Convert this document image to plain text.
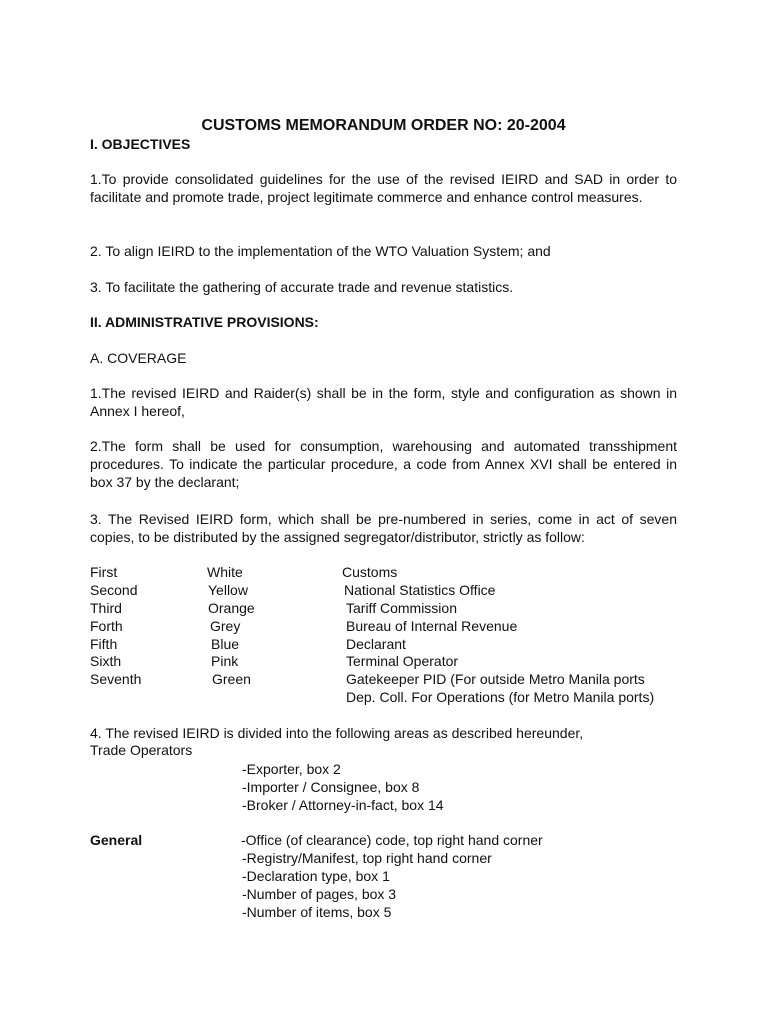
CUSTOMS MEMORANDUM ORDER NO: 20-2004
I. OBJECTIVES
1.To provide consolidated guidelines for the use of the revised IEIRD and SAD in order to facilitate and promote trade, project legitimate commerce and enhance control measures.
2. To align IEIRD to the implementation of the WTO Valuation System; and
3. To facilitate the gathering of accurate trade and revenue statistics.
II. ADMINISTRATIVE PROVISIONS:
A. COVERAGE
1.The revised IEIRD and Raider(s) shall be in the form, style and configuration as shown in Annex I hereof,
2.The form shall be used for consumption, warehousing and automated transshipment procedures. To indicate the particular procedure, a code from Annex XVI shall be entered in box 37 by the declarant;
3. The Revised IEIRD form, which shall be pre-numbered in series, come in act of seven copies, to be distributed by the assigned segregator/distributor, strictly as follow:
First	White	Customs
Second	Yellow	National Statistics Office
Third	Orange	Tariff Commission
Forth	Grey	Bureau of Internal Revenue
Fifth	Blue	Declarant
Sixth	Pink	Terminal Operator
Seventh	Green	Gatekeeper PID (For outside Metro Manila ports
Dep. Coll. For Operations (for Metro Manila ports)
4. The revised IEIRD is divided into the following areas as described hereunder,
Trade Operators
-Exporter, box 2
-Importer / Consignee, box 8
-Broker / Attorney-in-fact, box 14
General	-Office (of clearance) code, top right hand corner
-Registry/Manifest, top right hand corner
-Declaration type, box 1
-Number of pages, box 3
-Number of items, box 5
